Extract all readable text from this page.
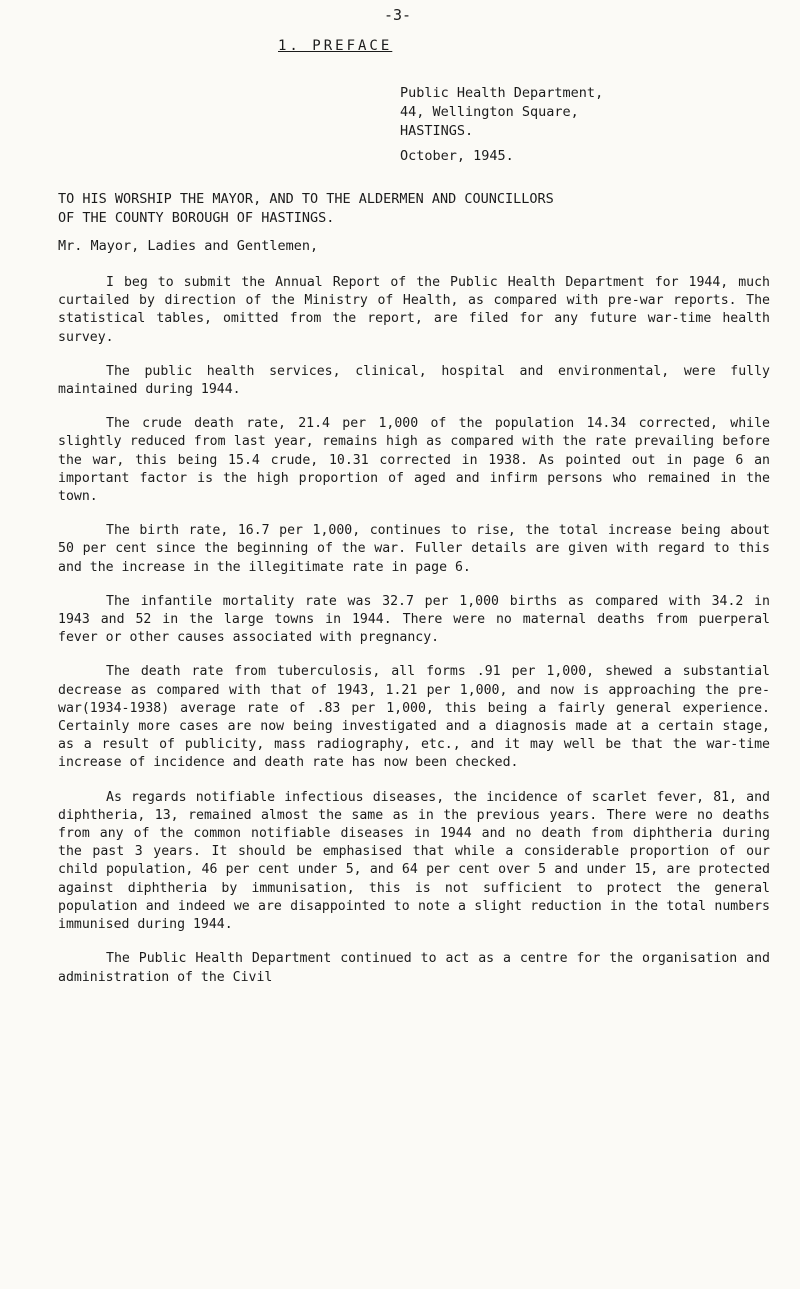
-3-
1. PREFACE
Public Health Department,
44, Wellington Square,
HASTINGS.
October, 1945.
TO HIS WORSHIP THE MAYOR, AND TO THE ALDERMEN AND COUNCILLORS
OF THE COUNTY BOROUGH OF HASTINGS.
Mr. Mayor, Ladies and Gentlemen,

I beg to submit the Annual Report of the Public Health Department for 1944, much curtailed by direction of the Ministry of Health, as compared with pre-war reports. The statistical tables, omitted from the report, are filed for any future war-time health survey.

The public health services, clinical, hospital and environmental, were fully maintained during 1944.

The crude death rate, 21.4 per 1,000 of the population 14.34 corrected, while slightly reduced from last year, remains high as compared with the rate prevailing before the war, this being 15.4 crude, 10.31 corrected in 1938. As pointed out in page 6 an important factor is the high proportion of aged and infirm persons who remained in the town.

The birth rate, 16.7 per 1,000, continues to rise, the total increase being about 50 per cent since the beginning of the war. Fuller details are given with regard to this and the increase in the illegitimate rate in page 6.

The infantile mortality rate was 32.7 per 1,000 births as compared with 34.2 in 1943 and 52 in the large towns in 1944. There were no maternal deaths from puerperal fever or other causes associated with pregnancy.

The death rate from tuberculosis, all forms .91 per 1,000, shewed a substantial decrease as compared with that of 1943, 1.21 per 1,000, and now is approaching the pre-war(1934-1938) average rate of .83 per 1,000, this being a fairly general experience. Certainly more cases are now being investigated and a diagnosis made at a certain stage, as a result of publicity, mass radiography, etc., and it may well be that the war-time increase of incidence and death rate has now been checked.

As regards notifiable infectious diseases, the incidence of scarlet fever, 81, and diphtheria, 13, remained almost the same as in the previous years. There were no deaths from any of the common notifiable diseases in 1944 and no death from diphtheria during the past 3 years. It should be emphasised that while a considerable proportion of our child population, 46 per cent under 5, and 64 per cent over 5 and under 15, are protected against diphtheria by immunisation, this is not sufficient to protect the general population and indeed we are disappointed to note a slight reduction in the total numbers immunised during 1944.

The Public Health Department continued to act as a centre for the organisation and administration of the Civil
